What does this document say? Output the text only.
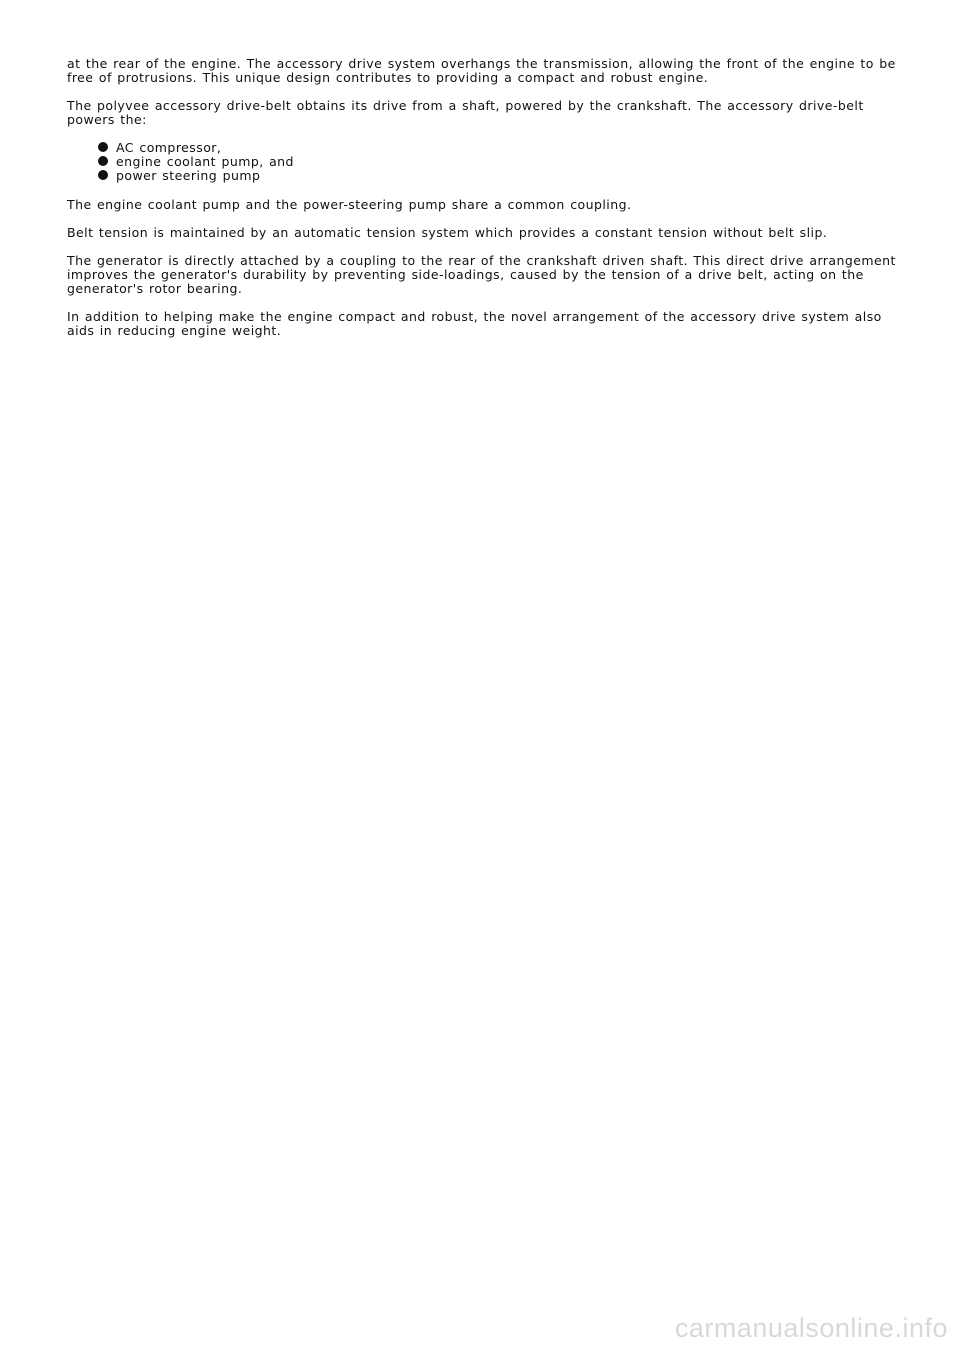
at the rear of the engine. The accessory drive system overhangs the transmission, allowing the front of the engine to be free of protrusions. This unique design contributes to providing a compact and robust engine.

The polyvee accessory drive-belt obtains its drive from a shaft, powered by the crankshaft. The accessory drive-belt powers the:

AC compressor,
engine coolant pump, and
power steering pump

The engine coolant pump and the power-steering pump share a common coupling.

Belt tension is maintained by an automatic tension system which provides a constant tension without belt slip.

The generator is directly attached by a coupling to the rear of the crankshaft driven shaft. This direct drive arrangement improves the generator's durability by preventing side-loadings, caused by the tension of a drive belt, acting on the generator's rotor bearing.

In addition to helping make the engine compact and robust, the novel arrangement of the accessory drive system also aids in reducing engine weight.

carmanualsonline.info
